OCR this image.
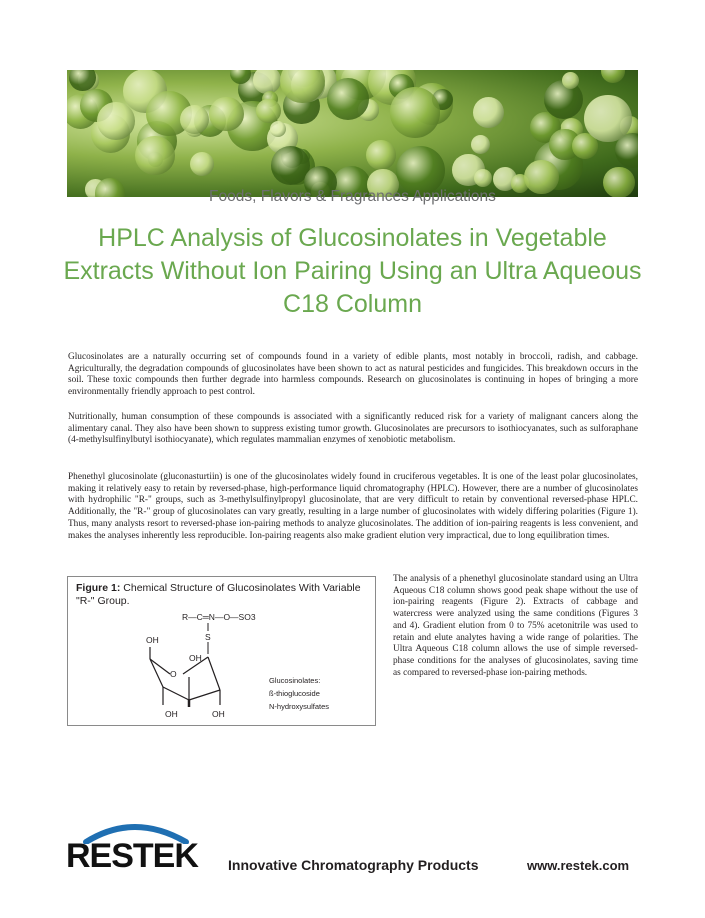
Foods, Flavors & Fragrances Applications
HPLC Analysis of Glucosinolates in Vegetable Extracts Without Ion Pairing Using an Ultra Aqueous C18 Column

Glucosinolates are a naturally occurring set of compounds found in a variety of edible plants, most notably in broccoli, radish, and cabbage. Agriculturally, the degradation compounds of glucosinolates have been shown to act as natural pesticides and fungicides. This breakdown occurs in the soil. These toxic compounds then further degrade into harmless compounds. Research on glucosinolates is continuing in hopes of bringing a more environmentally friendly approach to pest control.

Nutritionally, human consumption of these compounds is associated with a significantly reduced risk for a variety of malignant cancers along the alimentary canal. They also have been shown to suppress existing tumor growth. Glucosinolates are precursors to isothiocyanates, such as sulforaphane (4-methylsulfinylbutyl isothiocyanate), which regulates mammalian enzymes of xenobiotic metabolism.

Phenethyl glucosinolate (gluconasturtiin) is one of the glucosinolates widely found in cruciferous vegetables. It is one of the least polar glucosinolates, making it relatively easy to retain by reversed-phase, high-performance liquid chromatography (HPLC). However, there are a number of glucosinolates with hydrophilic "R-" groups, such as 3-methylsulfinylpropyl glucosinolate, that are very difficult to retain by conventional reversed-phase HPLC. Additionally, the "R-" group of glucosinolates can vary greatly, resulting in a large number of glucosinolates with widely differing polarities (Figure 1). Thus, many analysts resort to reversed-phase ion-pairing methods to analyze glucosinolates. The addition of ion-pairing reagents is less convenient, and makes the analyses inherently less reproducible. Ion-pairing reagents also make gradient elution very impractical, due to long equilibration times.

Figure 1: Chemical Structure of Glucosinolates With Variable "R-" Group.
R—C═N—O—SO3
S
O
OH
OH
OH	OH
Glucosinolates:
ß-thioglucoside
N-hydroxysulfates

The analysis of a phenethyl glucosinolate standard using an Ultra Aqueous C18 column shows good peak shape without the use of ion-pairing reagents (Figure 2). Extracts of cabbage and watercress were analyzed using the same conditions (Figures 3 and 4). Gradient elution from 0 to 75% acetonitrile was used to retain and elute analytes having a wide range of polarities. The Ultra Aqueous C18 column allows the use of simple reversed-phase conditions for the analyses of glucosinolates, saving time as compared to reversed-phase ion-pairing methods.

RESTEK Innovative Chromatography Products	www.restek.com
